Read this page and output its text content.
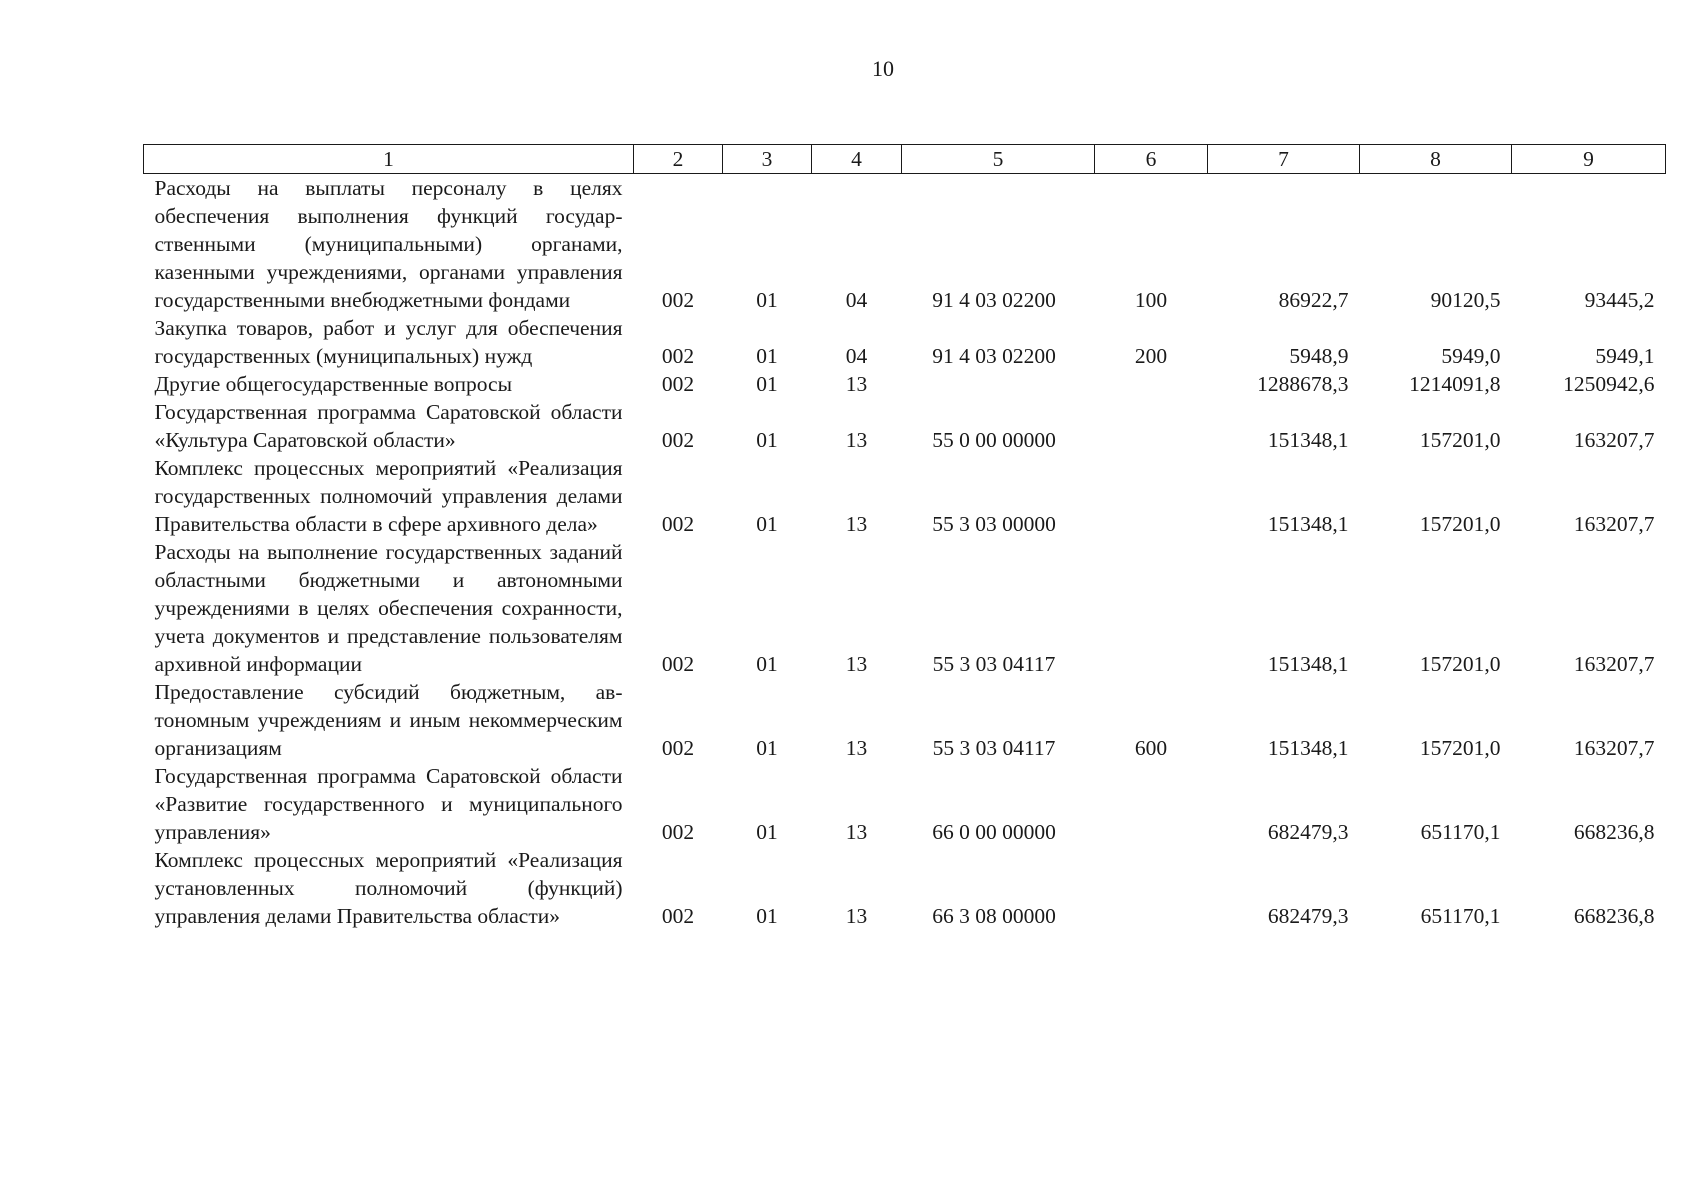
10
1	2	3	4	5	6	7	8	9
Расходы на выплаты персоналу в целях обеспечения выполнения функций государственными (муниципальными) органами, казенными учреждениями, органами управления государственными внебюджетными фондами	002	01	04	91 4 03 02200	100	86922,7	90120,5	93445,2
Закупка товаров, работ и услуг для обеспечения государственных (муниципальных) нужд	002	01	04	91 4 03 02200	200	5948,9	5949,0	5949,1
Другие общегосударственные вопросы	002	01	13			1288678,3	1214091,8	1250942,6
Государственная программа Саратовской области «Культура Саратовской области»	002	01	13	55 0 00 00000		151348,1	157201,0	163207,7
Комплекс процессных мероприятий «Реализация государственных полномочий управления делами Правительства области в сфере архивного дела»	002	01	13	55 3 03 00000		151348,1	157201,0	163207,7
Расходы на выполнение государственных заданий областными бюджетными и автономными учреждениями в целях обеспечения сохранности, учета документов и представление пользователям архивной информации	002	01	13	55 3 03 04117		151348,1	157201,0	163207,7
Предоставление субсидий бюджетным, автономным учреждениям и иным некоммерческим организациям	002	01	13	55 3 03 04117	600	151348,1	157201,0	163207,7
Государственная программа Саратовской области «Развитие государственного и муниципального управления»	002	01	13	66 0 00 00000		682479,3	651170,1	668236,8
Комплекс процессных мероприятий «Реализация установленных полномочий (функций) управления делами Правительства области»	002	01	13	66 3 08 00000		682479,3	651170,1	668236,8
